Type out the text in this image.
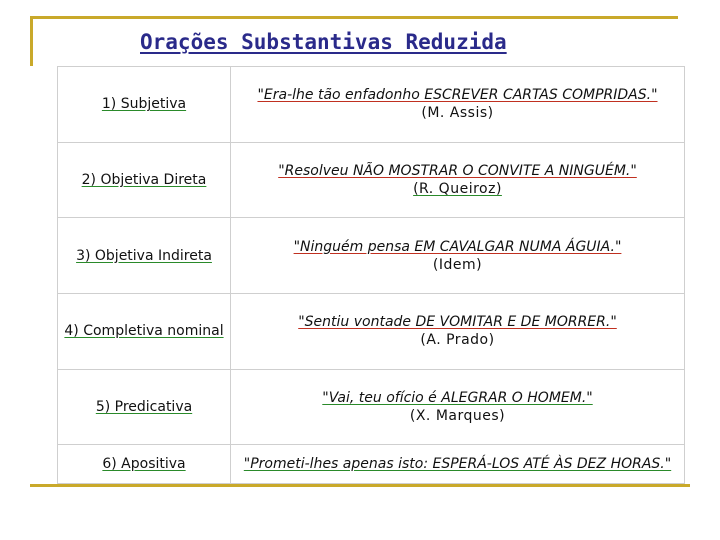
Orações Substantivas Reduzida
1) Subjetiva	"Era-lhe tão enfadonho ESCREVER CARTAS COMPRIDAS."
(M. Assis)
2) Objetiva Direta	"Resolveu NÃO MOSTRAR O CONVITE A NINGUÉM."
(R. Queiroz)
3) Objetiva Indireta	"Ninguém pensa EM CAVALGAR NUMA ÁGUIA."
(Idem)
4) Completiva nominal	"Sentiu vontade DE VOMITAR E DE MORRER."
(A. Prado)
5) Predicativa	"Vai, teu ofício é ALEGRAR O HOMEM."
(X. Marques)
6) Apositiva	"Prometi-lhes apenas isto: ESPERÁ-LOS ATÉ ÀS DEZ HORAS."
